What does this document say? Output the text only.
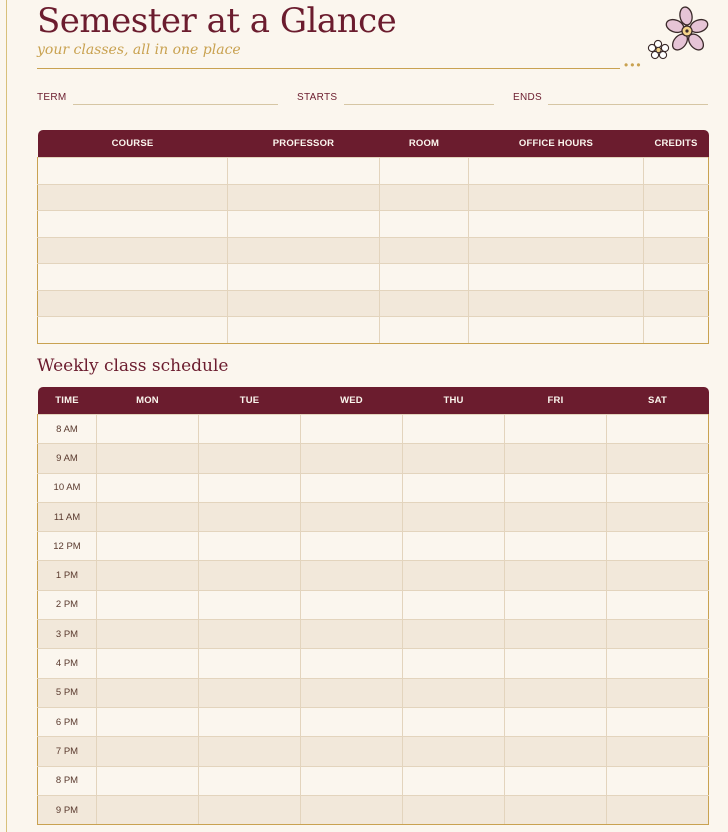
Semester at a Glance
your classes, all in one place
•••
TERM	STARTS	ENDS
COURSE	PROFESSOR	ROOM	OFFICE HOURS	CREDITS

Weekly class schedule
TIME	MON	TUE	WED	THU	FRI	SAT
8 AM						
9 AM						
10 AM						
11 AM						
12 PM						
1 PM						
2 PM						
3 PM						
4 PM						
5 PM						
6 PM						
7 PM						
8 PM						
9 PM						
